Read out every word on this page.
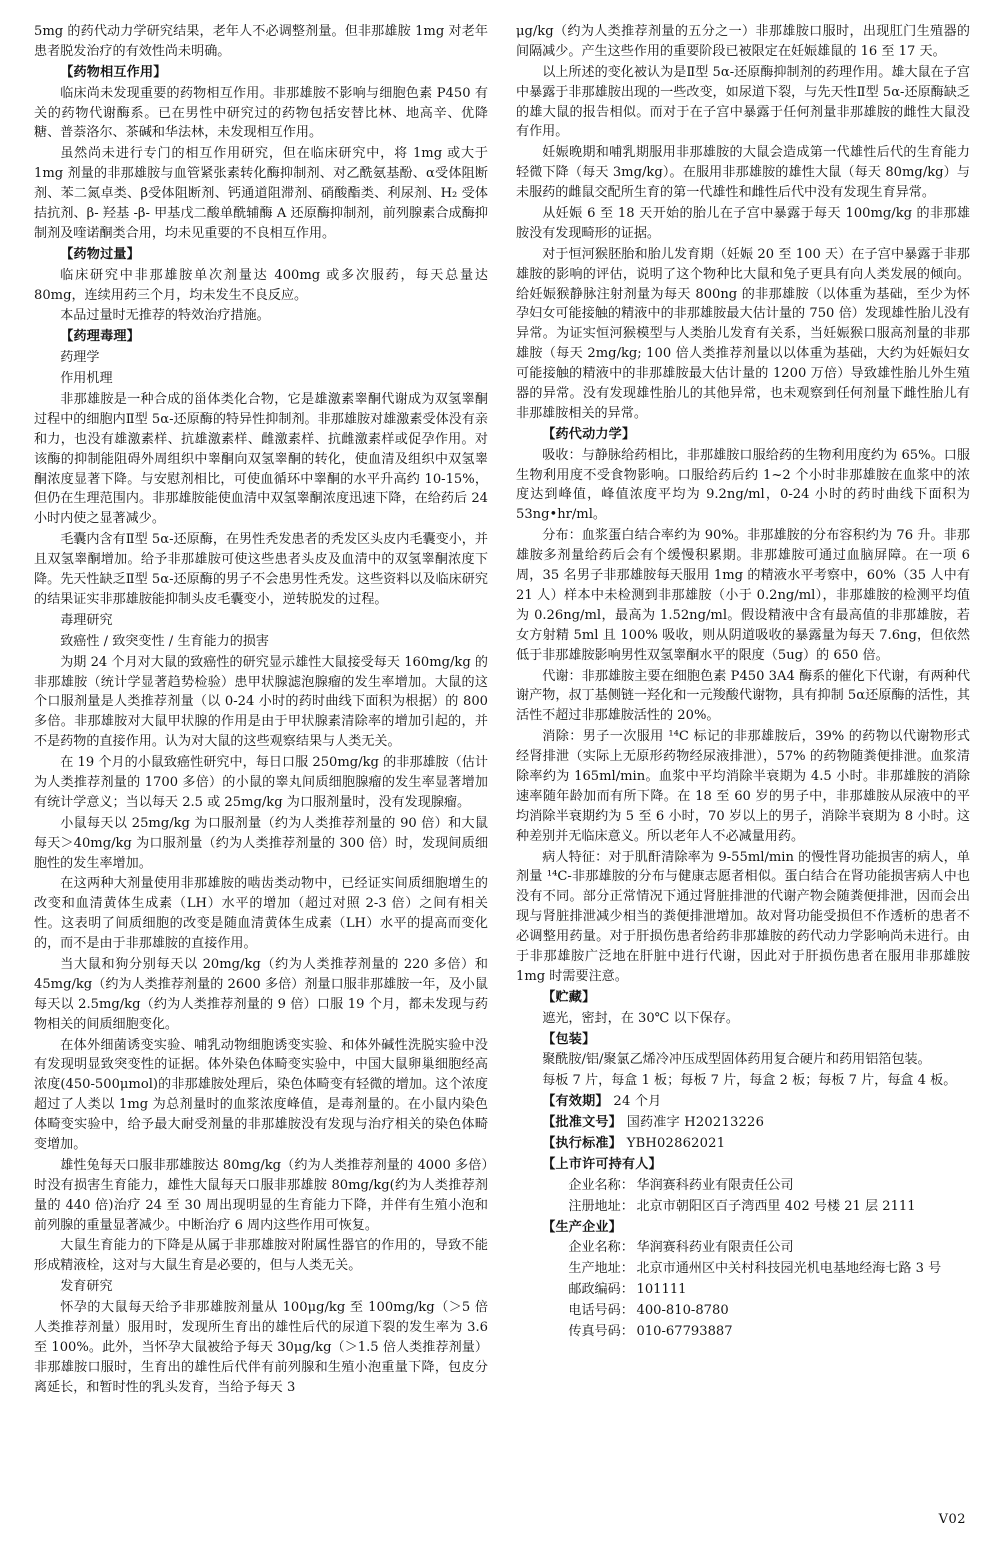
5mg 的药代动力学研究结果，老年人不必调整剂量。但非那雄胺 1mg 对老年患者脱发治疗的有效性尚未明确。

【药物相互作用】

临床尚未发现重要的药物相互作用。非那雄胺不影响与细胞色素 P450 有关的药物代谢酶系。已在男性中研究过的药物包括安替比林、地高辛、优降糖、普萘洛尔、茶碱和华法林，未发现相互作用。

虽然尚未进行专门的相互作用研究，但在临床研究中，将 1mg 或大于 1mg 剂量的非那雄胺与血管紧张素转化酶抑制剂、对乙酰氨基酚、α受体阻断剂、苯二氮卓类、β受体阻断剂、钙通道阻滞剂、硝酸酯类、利尿剂、H₂ 受体拮抗剂、β- 羟基 -β- 甲基戊二酸单酰辅酶 A 还原酶抑制剂，前列腺素合成酶抑制剂及喹诺酮类合用，均未见重要的不良相互作用。

【药物过量】

临床研究中非那雄胺单次剂量达 400mg 或多次服药，每天总量达 80mg，连续用药三个月，均未发生不良反应。

本品过量时无推荐的特效治疗措施。

【药理毒理】

药理学

作用机理

非那雄胺是一种合成的甾体类化合物，它是雄激素睾酮代谢成为双氢睾酮过程中的细胞内Ⅱ型 5α-还原酶的特异性抑制剂。非那雄胺对雄激素受体没有亲和力，也没有雄激素样、抗雄激素样、雌激素样、抗雌激素样或促孕作用。对该酶的抑制能阻碍外周组织中睾酮向双氢睾酮的转化，使血清及组织中双氢睾酮浓度显著下降。与安慰剂相比，可使血循环中睾酮的水平升高约 10-15%，但仍在生理范围内。非那雄胺能使血清中双氢睾酮浓度迅速下降，在给药后 24 小时内使之显著减少。

毛囊内含有Ⅱ型 5α-还原酶，在男性秃发患者的秃发区头皮内毛囊变小，并且双氢睾酮增加。给予非那雄胺可使这些患者头皮及血清中的双氢睾酮浓度下降。先天性缺乏Ⅱ型 5α-还原酶的男子不会患男性秃发。这些资料以及临床研究的结果证实非那雄胺能抑制头皮毛囊变小，逆转脱发的过程。

毒理研究

致癌性 / 致突变性 / 生育能力的损害

为期 24 个月对大鼠的致癌性的研究显示雄性大鼠接受每天 160mg/kg 的非那雄胺（统计学显著趋势检验）患甲状腺滤泡腺瘤的发生率增加。大鼠的这个口服剂量是人类推荐剂量（以 0-24 小时的药时曲线下面积为根据）的 800 多倍。非那雄胺对大鼠甲状腺的作用是由于甲状腺素清除率的增加引起的，并不是药物的直接作用。认为对大鼠的这些观察结果与人类无关。

在 19 个月的小鼠致癌性研究中，每日口服 250mg/kg 的非那雄胺（估计为人类推荐剂量的 1700 多倍）的小鼠的睾丸间质细胞腺瘤的发生率显著增加有统计学意义；当以每天 2.5 或 25mg/kg 为口服剂量时，没有发现腺瘤。

小鼠每天以 25mg/kg 为口服剂量（约为人类推荐剂量的 90 倍）和大鼠每天＞40mg/kg 为口服剂量（约为人类推荐剂量的 300 倍）时，发现间质细胞性的发生率增加。

在这两种大剂量使用非那雄胺的啮齿类动物中，已经证实间质细胞增生的改变和血清黄体生成素（LH）水平的增加（超过对照 2-3 倍）之间有相关性。这表明了间质细胞的改变是随血清黄体生成素（LH）水平的提高而变化的，而不是由于非那雄胺的直接作用。

当大鼠和狗分别每天以 20mg/kg（约为人类推荐剂量的 220 多倍）和 45mg/kg（约为人类推荐剂量的 2600 多倍）剂量口服非那雄胺一年，及小鼠每天以 2.5mg/kg（约为人类推荐剂量的 9 倍）口服 19 个月，都未发现与药物相关的间质细胞变化。

在体外细菌诱变实验、哺乳动物细胞诱变实验、和体外碱性洗脱实验中没有发现明显致突变性的证据。体外染色体畸变实验中，中国大鼠卵巢细胞经高浓度(450-500μmol)的非那雄胺处理后，染色体畸变有轻微的增加。这个浓度超过了人类以 1mg 为总剂量时的血浆浓度峰值，是毒剂量的。在小鼠内染色体畸变实验中，给予最大耐受剂量的非那雄胺没有发现与治疗相关的染色体畸变增加。

雄性兔每天口服非那雄胺达 80mg/kg（约为人类推荐剂量的 4000 多倍）时没有损害生育能力，雄性大鼠每天口服非那雄胺 80mg/kg(约为人类推荐剂量的 440 倍)治疗 24 至 30 周出现明显的生育能力下降，并伴有生殖小泡和前列腺的重量显著减少。中断治疗 6 周内这些作用可恢复。

大鼠生育能力的下降是从属于非那雄胺对附属性器官的作用的，导致不能形成精液栓，这对与大鼠生育是必要的，但与人类无关。

发育研究

怀孕的大鼠每天给予非那雄胺剂量从 100μg/kg 至 100mg/kg（＞5 倍人类推荐剂量）服用时，发现所生育出的雄性后代的尿道下裂的发生率为 3.6 至 100%。此外，当怀孕大鼠被给予每天 30μg/kg（＞1.5 倍人类推荐剂量）非那雄胺口服时，生育出的雄性后代伴有前列腺和生殖小泡重量下降，包皮分离延长，和暂时性的乳头发育，当给予每天 3

μg/kg（约为人类推荐剂量的五分之一）非那雄胺口服时，出现肛门生殖器的间隔减少。产生这些作用的重要阶段已被限定在妊娠雄鼠的 16 至 17 天。

以上所述的变化被认为是Ⅱ型 5α-还原酶抑制剂的药理作用。雄大鼠在子宫中暴露于非那雄胺出现的一些改变，如尿道下裂，与先天性Ⅱ型 5α-还原酶缺乏的雄大鼠的报告相似。而对于在子宫中暴露于任何剂量非那雄胺的雌性大鼠没有作用。

妊娠晚期和哺乳期服用非那雄胺的大鼠会造成第一代雄性后代的生育能力轻微下降（每天 3mg/kg）。在服用非那雄胺的雄性大鼠（每天 80mg/kg）与未服药的雌鼠交配所生育的第一代雄性和雌性后代中没有发现生育异常。

从妊娠 6 至 18 天开始的胎儿在子宫中暴露于每天 100mg/kg 的非那雄胺没有发现畸形的证据。

对于恒河猴胚胎和胎儿发育期（妊娠 20 至 100 天）在子宫中暴露于非那雄胺的影响的评估，说明了这个物种比大鼠和兔子更具有向人类发展的倾向。给妊娠猴静脉注射剂量为每天 800ng 的非那雄胺（以体重为基础，至少为怀孕妇女可能接触的精液中的非那雄胺最大估计量的 750 倍）发现雄性胎儿没有异常。为证实恒河猴模型与人类胎儿发育有关系，当妊娠猴口服高剂量的非那雄胺（每天 2mg/kg; 100 倍人类推荐剂量以以体重为基础，大约为妊娠妇女可能接触的精液中的非那雄胺最大估计量的 1200 万倍）导致雄性胎儿外生殖器的异常。没有发现雄性胎儿的其他异常，也未观察到任何剂量下雌性胎儿有非那雄胺相关的异常。

【药代动力学】

吸收：与静脉给药相比，非那雄胺口服给药的生物利用度约为 65%。口服生物利用度不受食物影响。口服给药后约 1~2 个小时非那雄胺在血浆中的浓度达到峰值，峰值浓度平均为 9.2ng/ml，0-24 小时的药时曲线下面积为 53ng•hr/ml。

分布：血浆蛋白结合率约为 90%。非那雄胺的分布容积约为 76 升。非那雄胺多剂量给药后会有个缓慢积累期。非那雄胺可通过血脑屏障。在一项 6 周，35 名男子非那雄胺每天服用 1mg 的精液水平考察中，60%（35 人中有 21 人）样本中未检测到非那雄胺（小于 0.2ng/ml），非那雄胺的检测平均值为 0.26ng/ml，最高为 1.52ng/ml。假设精液中含有最高值的非那雄胺，若女方射精 5ml 且 100% 吸收，则从阴道吸收的暴露量为每天 7.6ng，但依然低于非那雄胺影响男性双氢睾酮水平的限度（5ug）的 650 倍。

代谢：非那雄胺主要在细胞色素 P450 3A4 酶系的催化下代谢，有两种代谢产物，叔丁基侧链一羟化和一元羧酸代谢物，具有抑制 5α还原酶的活性，其活性不超过非那雄胺活性的 20%。

消除：男子一次服用 ¹⁴C 标记的非那雄胺后，39% 的药物以代谢物形式经肾排泄（实际上无原形药物经尿液排泄），57% 的药物随粪便排泄。血浆清除率约为 165ml/min。血浆中平均消除半衰期为 4.5 小时。非那雄胺的消除速率随年龄加而有所下降。在 18 至 60 岁的男子中，非那雄胺从尿液中的平均消除半衰期约为 5 至 6 小时，70 岁以上的男子，消除半衰期为 8 小时。这种差别并无临床意义。所以老年人不必减量用药。

病人特征：对于肌酐清除率为 9-55ml/min 的慢性肾功能损害的病人，单剂量 ¹⁴C-非那雄胺的分布与健康志愿者相似。蛋白结合在肾功能损害病人中也没有不同。部分正常情况下通过肾脏排泄的代谢产物会随粪便排泄，因而会出现与肾脏排泄减少相当的粪便排泄增加。故对肾功能受损但不作透析的患者不必调整用药量。对于肝损伤患者给药非那雄胺的药代动力学影响尚未进行。由于非那雄胺广泛地在肝脏中进行代谢，因此对于肝损伤患者在服用非那雄胺 1mg 时需要注意。

【贮藏】

遮光，密封，在 30℃ 以下保存。

【包装】

聚酰胺/铝/聚氯乙烯冷冲压成型固体药用复合硬片和药用铝箔包装。

每板 7 片，每盒 1 板；每板 7 片，每盒 2 板；每板 7 片，每盒 4 板。

【有效期】 24 个月

【批准文号】 国药准字 H20213226

【执行标准】 YBH02862021

【上市许可持有人】

企业名称： 华润赛科药业有限责任公司

注册地址： 北京市朝阳区百子湾西里 402 号楼 21 层 2111

【生产企业】

企业名称： 华润赛科药业有限责任公司

生产地址： 北京市通州区中关村科技园光机电基地经海七路 3 号

邮政编码： 101111

电话号码： 400-810-8780

传真号码： 010-67793887

V02
